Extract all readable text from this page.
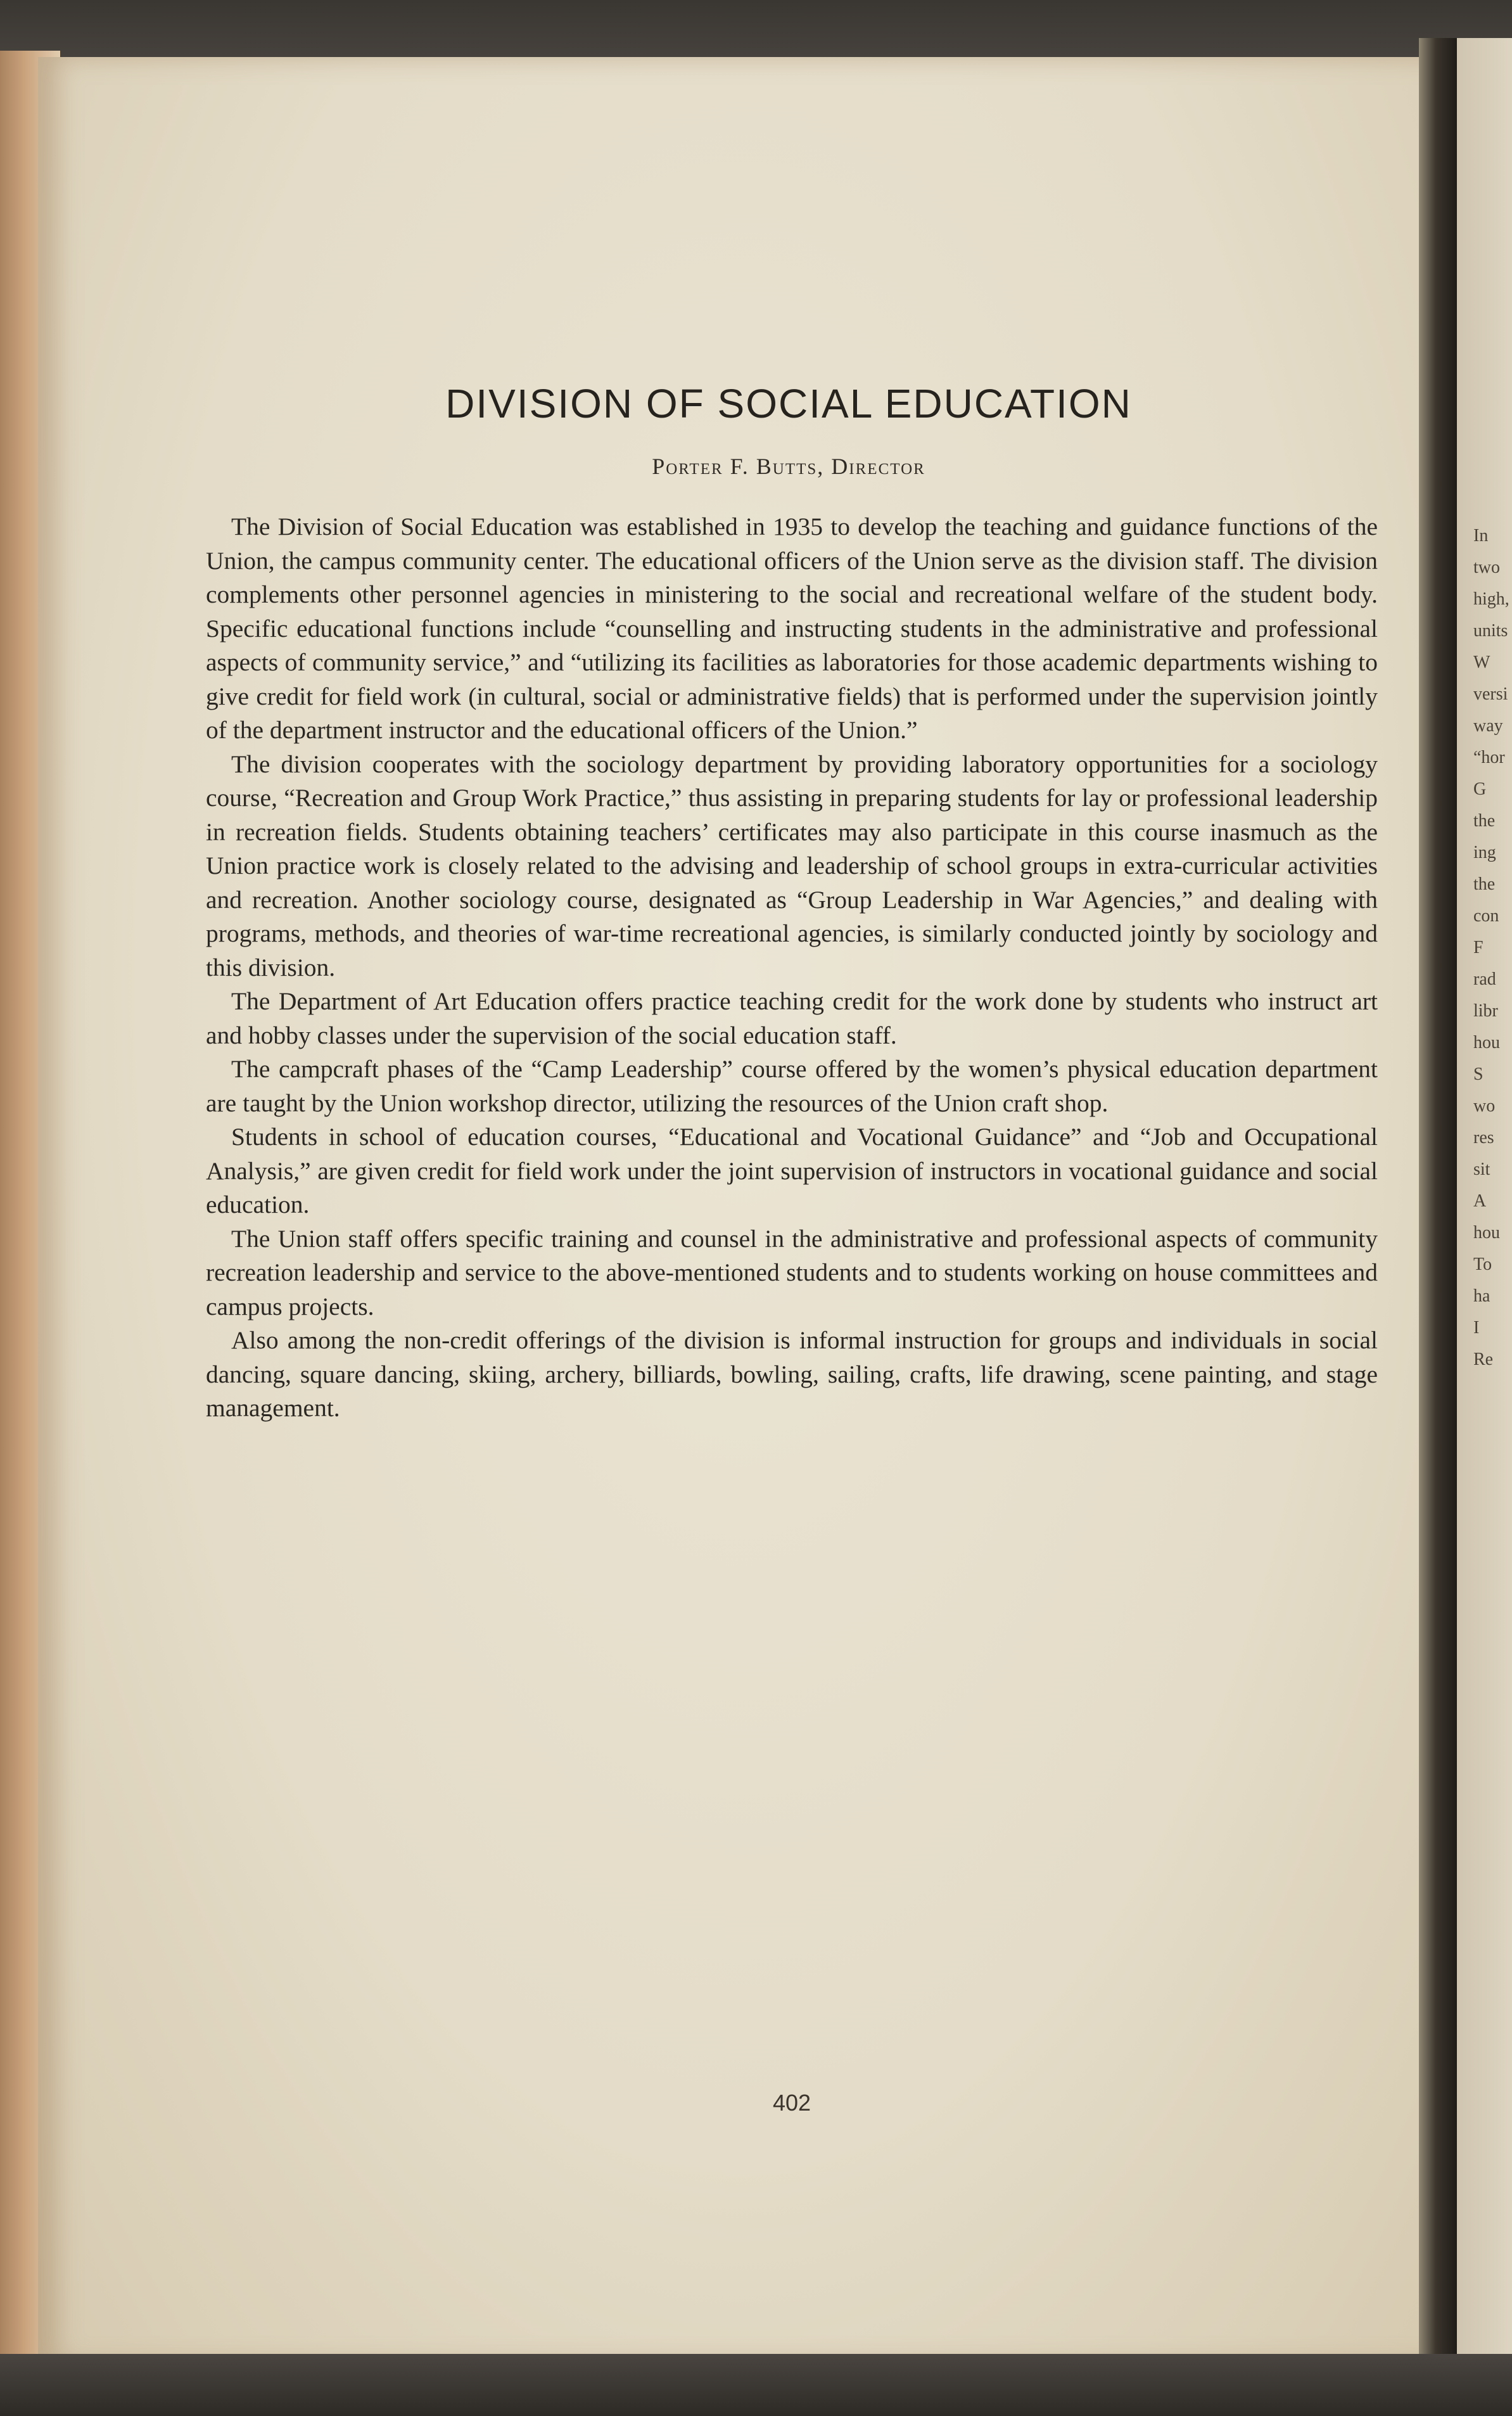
In
two
high,
units
W
versi
way
“hor
G
the
ing
the
con
F
rad
libr
hou
S
wo
res
sit
A
hou
To
ha
I
Re
DIVISION OF SOCIAL EDUCATION

Porter F. Butts, Director

The Division of Social Education was established in 1935 to develop the teaching and guidance functions of the Union, the campus community center. The educational officers of the Union serve as the division staff. The division complements other personnel agencies in ministering to the social and recreational welfare of the student body. Specific educational functions include “counselling and instructing students in the administrative and professional aspects of community service,” and “utilizing its facilities as laboratories for those academic departments wishing to give credit for field work (in cultural, social or administrative fields) that is performed under the supervision jointly of the department instructor and the educational officers of the Union.”

The division cooperates with the sociology department by providing laboratory opportunities for a sociology course, “Recreation and Group Work Practice,” thus assisting in preparing students for lay or professional leadership in recreation fields. Students obtaining teachers’ certificates may also participate in this course inasmuch as the Union practice work is closely related to the advising and leadership of school groups in extra-curricular activities and recreation. Another sociology course, designated as “Group Leadership in War Agencies,” and dealing with programs, methods, and theories of war-time recreational agencies, is similarly conducted jointly by sociology and this division.

The Department of Art Education offers practice teaching credit for the work done by students who instruct art and hobby classes under the supervision of the social education staff.

The campcraft phases of the “Camp Leadership” course offered by the women’s physical education department are taught by the Union workshop director, utilizing the resources of the Union craft shop.

Students in school of education courses, “Educational and Vocational Guidance” and “Job and Occupational Analysis,” are given credit for field work under the joint supervision of instructors in vocational guidance and social education.

The Union staff offers specific training and counsel in the administrative and professional aspects of community recreation leadership and service to the above-mentioned students and to students working on house committees and campus projects.

Also among the non-credit offerings of the division is informal instruction for groups and individuals in social dancing, square dancing, skiing, archery, billiards, bowling, sailing, crafts, life drawing, scene painting, and stage management.

402
